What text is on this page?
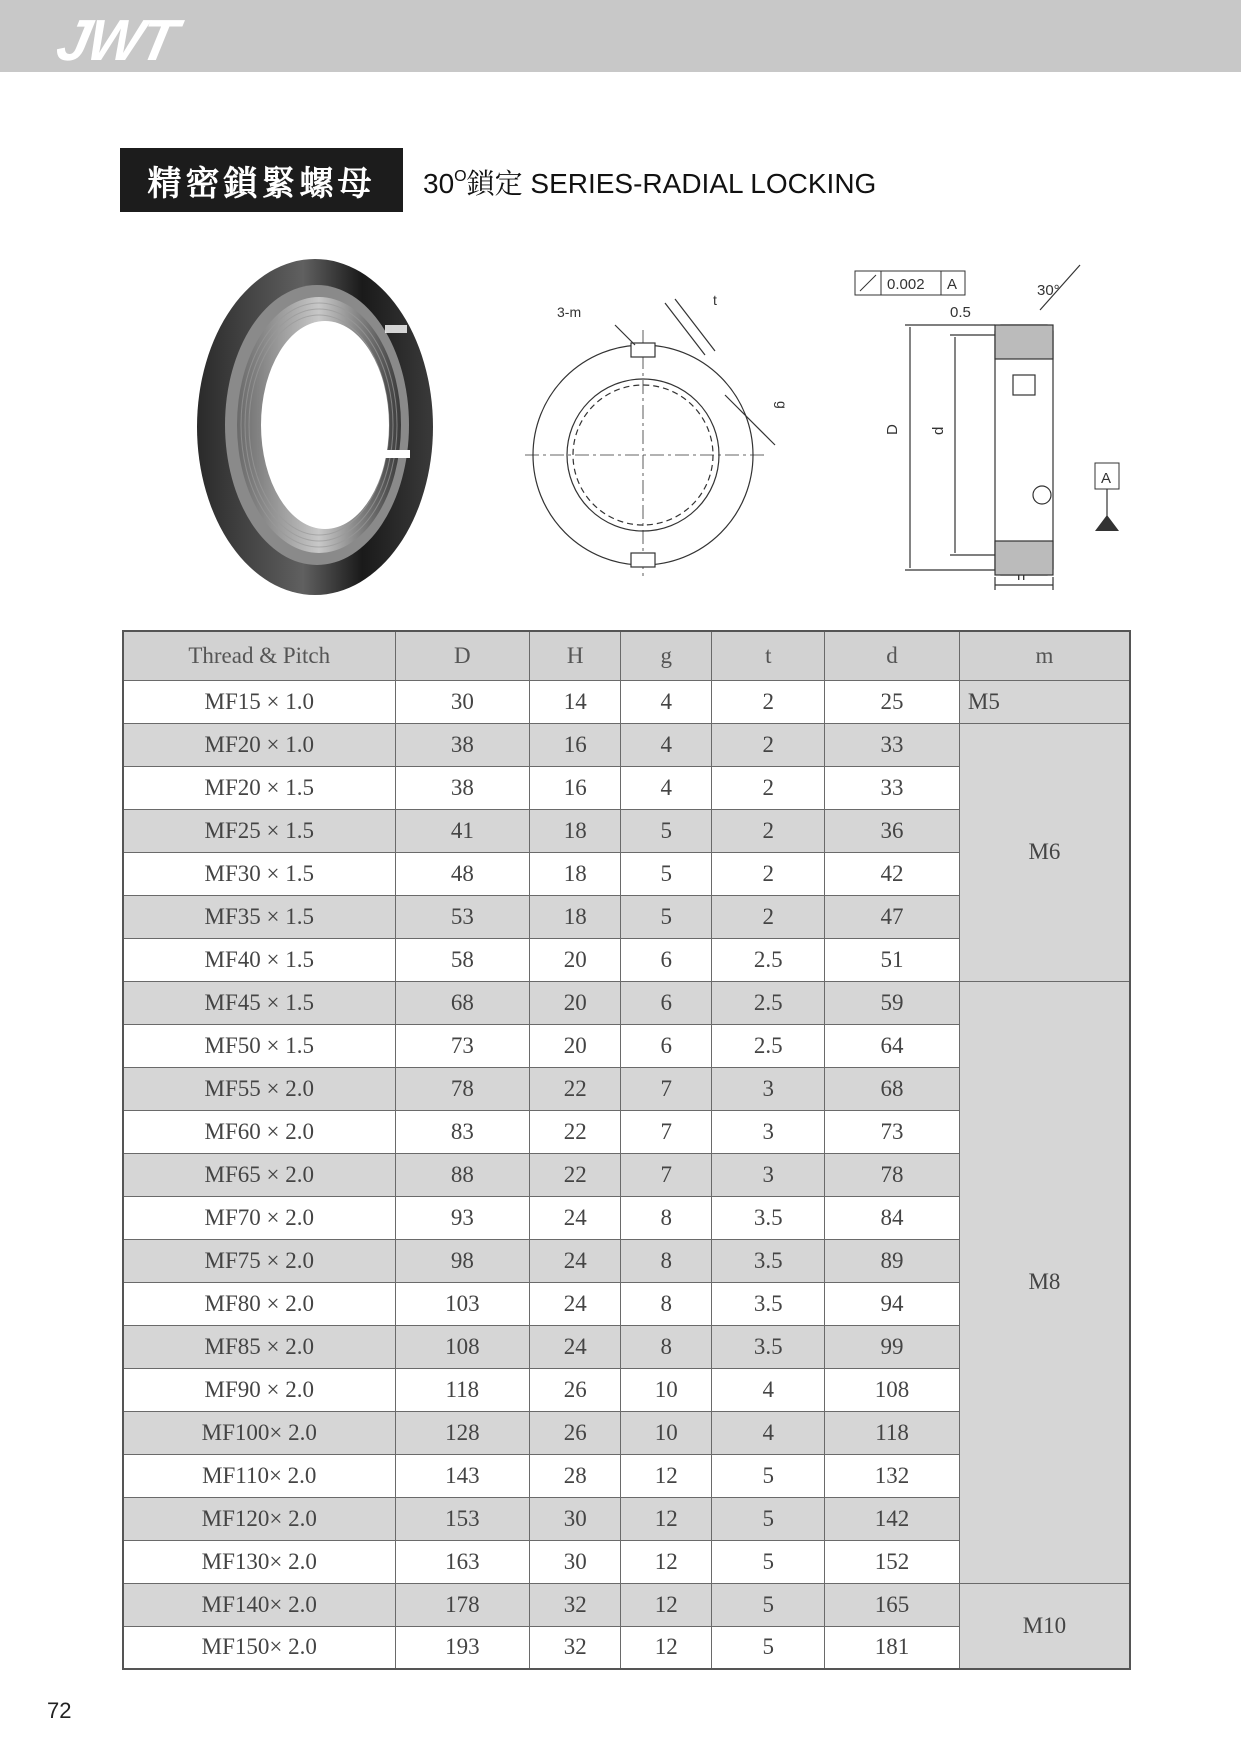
JWT
精密鎖緊螺母	$30^O$鎖定 SERIES-RADIAL LOCKING
3-m
t
g
0.002 A
0.5
30°
D d
A
Thread & Pitch	D	H	g	t	d	m
MF15 × 1.0	30	14	4	2	25	M5
MF20 × 1.0	38	16	4	2	33	M6
MF20 × 1.5	38	16	4	2	33	
MF25 × 1.5	41	18	5	2	36	
MF30 × 1.5	48	18	5	2	42	
MF35 × 1.5	53	18	5	2	47	
MF40 × 1.5	58	20	6	2.5	51	
MF45 × 1.5	68	20	6	2.5	59	M8
MF50 × 1.5	73	20	6	2.5	64	
MF55 × 2.0	78	22	7	3	68	
MF60 × 2.0	83	22	7	3	73	
MF65 × 2.0	88	22	7	3	78	
MF70 × 2.0	93	24	8	3.5	84	
MF75 × 2.0	98	24	8	3.5	89	
MF80 × 2.0	103	24	8	3.5	94	
MF85 × 2.0	108	24	8	3.5	99	
MF90 × 2.0	118	26	10	4	108	
MF100× 2.0	128	26	10	4	118	
MF110× 2.0	143	28	12	5	132	
MF120× 2.0	153	30	12	5	142	
MF130× 2.0	163	30	12	5	152	
MF140× 2.0	178	32	12	5	165	M10
MF150× 2.0	193	32	12	5	181	
72
